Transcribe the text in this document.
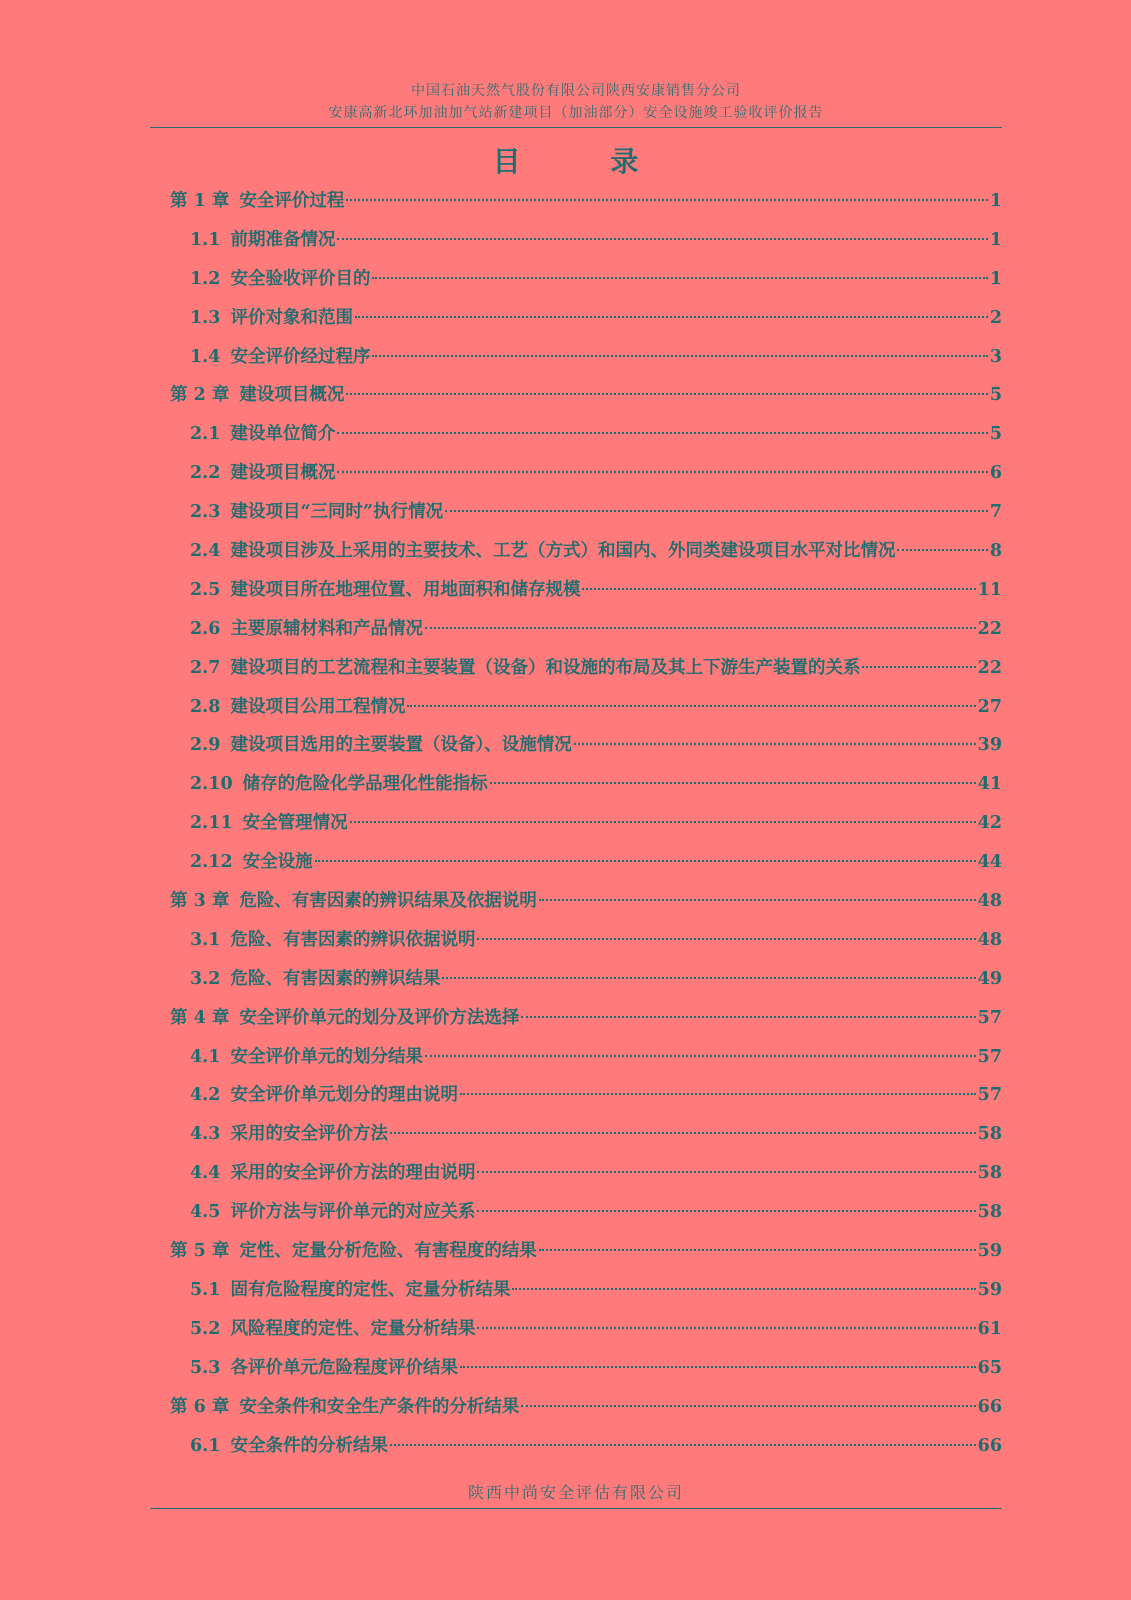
中国石油天然气股份有限公司陕西安康销售分公司
安康高新北环加油加气站新建项目（加油部分）安全设施竣工验收评价报告
目 录
第 1 章 安全评价过程	1
1.1 前期准备情况	1
1.2 安全验收评价目的	1
1.3 评价对象和范围	2
1.4 安全评价经过程序	3
第 2 章 建设项目概况	5
2.1 建设单位简介	5
2.2 建设项目概况	6
2.3 建设项目“三同时”执行情况	7
2.4 建设项目涉及上采用的主要技术、工艺（方式）和国内、外同类建设项目水平对比情况	8
2.5 建设项目所在地理位置、用地面积和储存规模	11
2.6 主要原辅材料和产品情况	22
2.7 建设项目的工艺流程和主要装置（设备）和设施的布局及其上下游生产装置的关系	22
2.8 建设项目公用工程情况	27
2.9 建设项目选用的主要装置（设备）、设施情况	39
2.10 储存的危险化学品理化性能指标	41
2.11 安全管理情况	42
2.12 安全设施	44
第 3 章 危险、有害因素的辨识结果及依据说明	48
3.1 危险、有害因素的辨识依据说明	48
3.2 危险、有害因素的辨识结果	49
第 4 章 安全评价单元的划分及评价方法选择	57
4.1 安全评价单元的划分结果	57
4.2 安全评价单元划分的理由说明	57
4.3 采用的安全评价方法	58
4.4 采用的安全评价方法的理由说明	58
4.5 评价方法与评价单元的对应关系	58
第 5 章 定性、定量分析危险、有害程度的结果	59
5.1 固有危险程度的定性、定量分析结果	59
5.2 风险程度的定性、定量分析结果	61
5.3 各评价单元危险程度评价结果	65
第 6 章 安全条件和安全生产条件的分析结果	66
6.1 安全条件的分析结果	66
陕西中尚安全评估有限公司
